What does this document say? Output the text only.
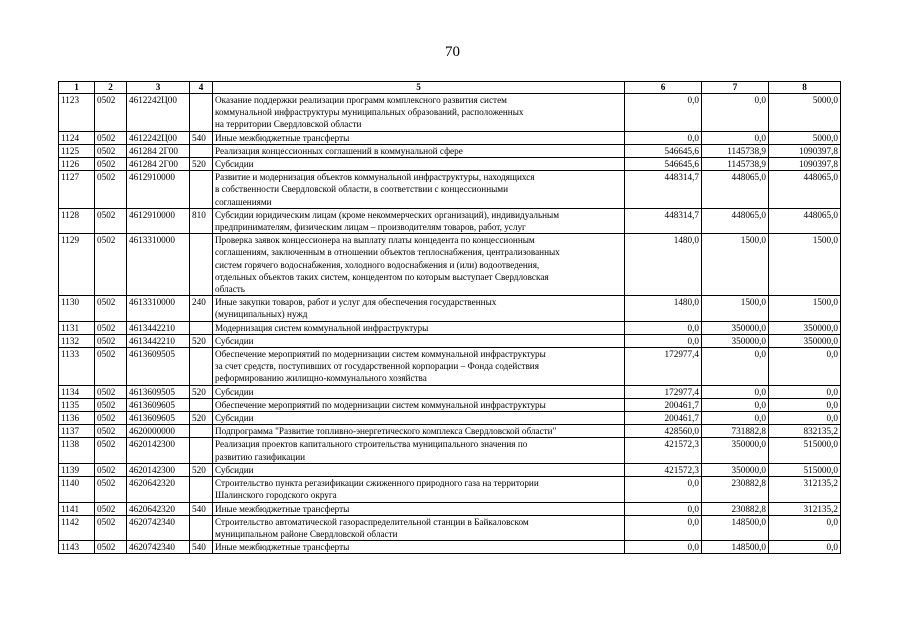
70
1	2	3	4	5	6	7	8
1123	0502	4612242Ц00		Оказание поддержки реализации программ комплексного развития систем
коммунальной инфраструктуры муниципальных образований, расположенных
на территории Свердловской области	0,0	0,0	5000,0
1124	0502	4612242Ц00	540	Иные межбюджетные трансферты	0,0	0,0	5000,0
1125	0502	461284 2Г00		Реализация концессионных соглашений в коммунальной сфере	546645,6	1145738,9	1090397,8
1126	0502	461284 2Г00	520	Субсидии	546645,6	1145738,9	1090397,8
1127	0502	4612910000		Развитие и модернизация объектов коммунальной инфраструктуры, находящихся
в собственности Свердловской области, в соответствии с концессионными
соглашениями	448314,7	448065,0	448065,0
1128	0502	4612910000	810	Субсидии юридическим лицам (кроме некоммерческих организаций), индивидуальным
предпринимателям, физическим лицам – производителям товаров, работ, услуг	448314,7	448065,0	448065,0
1129	0502	4613310000		Проверка заявок концессионера на выплату платы концедента по концессионным
соглашениям, заключенным в отношении объектов теплоснабжения, централизованных
систем горячего водоснабжения, холодного водоснабжения и (или) водоотведения,
отдельных объектов таких систем, концедентом по которым выступает Свердловская
область	1480,0	1500,0	1500,0
1130	0502	4613310000	240	Иные закупки товаров, работ и услуг для обеспечения государственных
(муниципальных) нужд	1480,0	1500,0	1500,0
1131	0502	4613442210		Модернизация систем коммунальной инфраструктуры	0,0	350000,0	350000,0
1132	0502	4613442210	520	Субсидии	0,0	350000,0	350000,0
1133	0502	4613609505		Обеспечение мероприятий по модернизации систем коммунальной инфраструктуры
за счет средств, поступивших от государственной корпорации – Фонда содействия
реформированию жилищно-коммунального хозяйства	172977,4	0,0	0,0
1134	0502	4613609505	520	Субсидии	172977,4	0,0	0,0
1135	0502	4613609605		Обеспечение мероприятий по модернизации систем коммунальной инфраструктуры	200461,7	0,0	0,0
1136	0502	4613609605	520	Субсидии	200461,7	0,0	0,0
1137	0502	4620000000		Подпрограмма "Развитие топливно-энергетического комплекса Свердловской области"	428560,0	731882,8	832135,2
1138	0502	4620142300		Реализация проектов капитального строительства муниципального значения по
развитию газификации	421572,3	350000,0	515000,0
1139	0502	4620142300	520	Субсидии	421572,3	350000,0	515000,0
1140	0502	4620642320		Строительство пункта регазификации сжиженного природного газа на территории
Шалинского городского округа	0,0	230882,8	312135,2
1141	0502	4620642320	540	Иные межбюджетные трансферты	0,0	230882,8	312135,2
1142	0502	4620742340		Строительство автоматической газораспределительной станции в Байкаловском
муниципальном районе Свердловской области	0,0	148500,0	0,0
1143	0502	4620742340	540	Иные межбюджетные трансферты	0,0	148500,0	0,0
